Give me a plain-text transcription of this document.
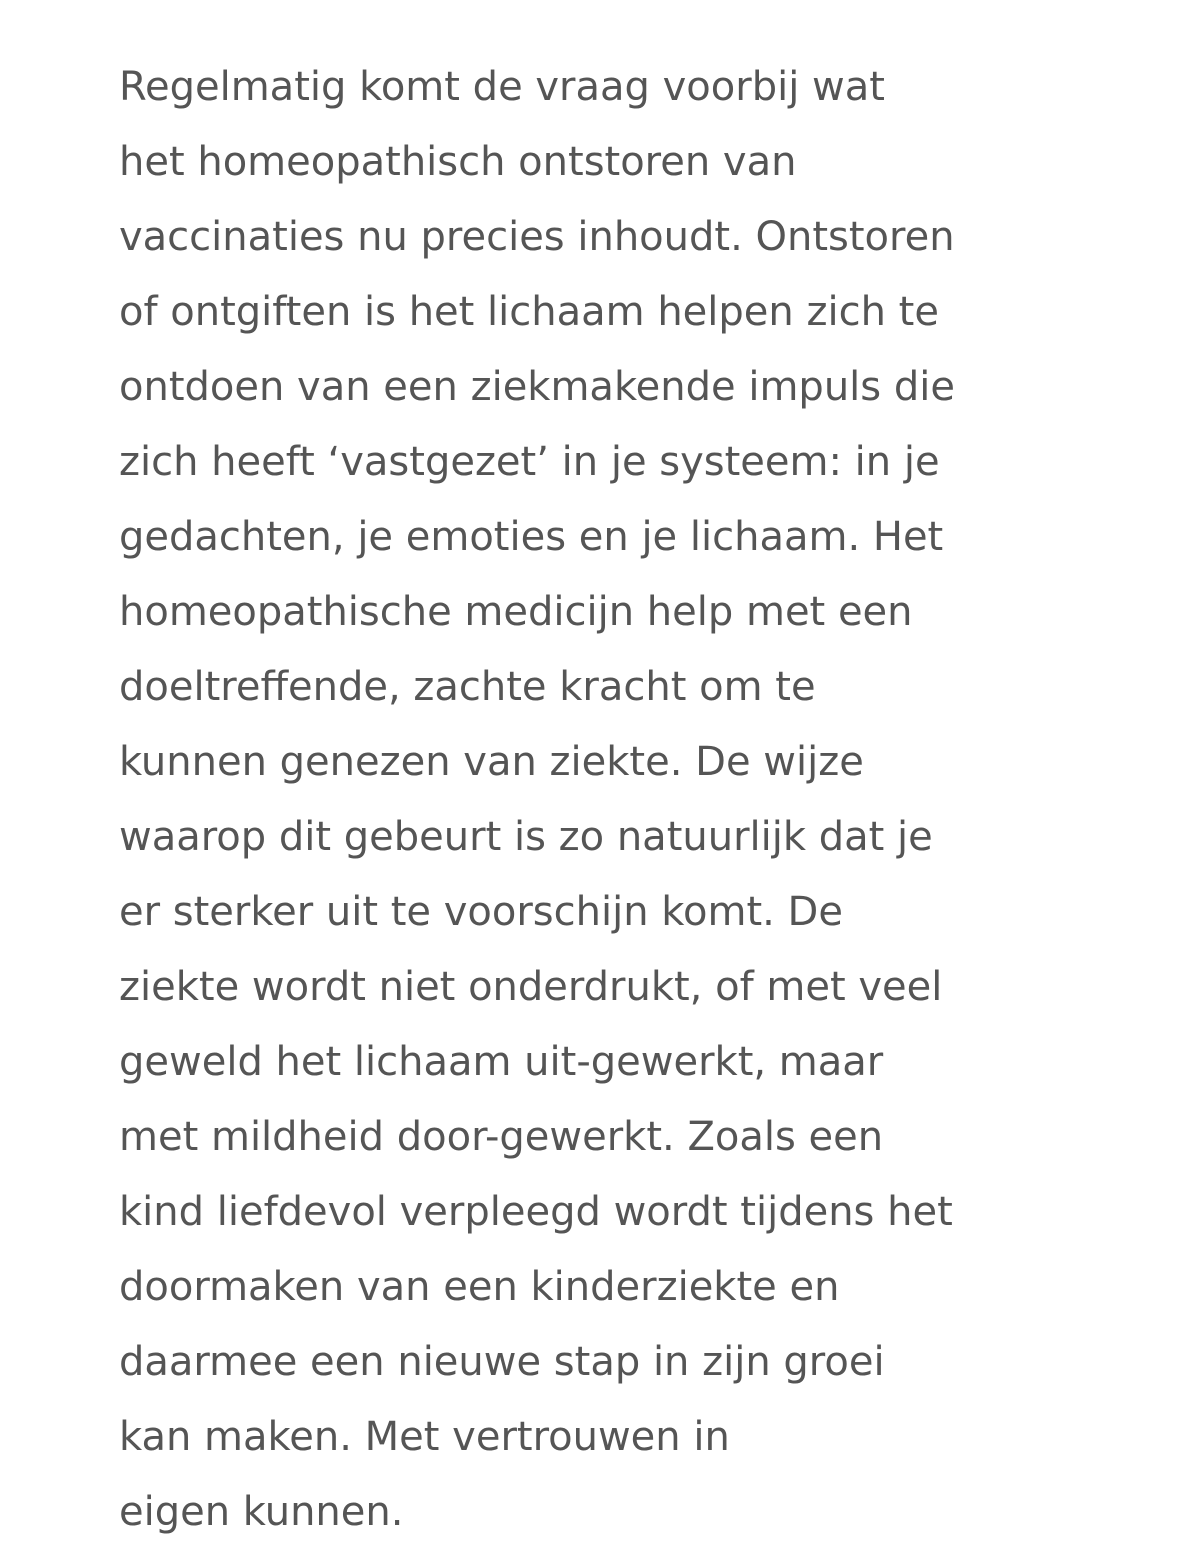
Regelmatig komt de vraag voorbij wat
het homeopathisch ontstoren van
vaccinaties nu precies inhoudt. Ontstoren
of ontgiften is het lichaam helpen zich te
ontdoen van een ziekmakende impuls die
zich heeft ‘vastgezet’ in je systeem: in je
gedachten, je emoties en je lichaam. Het
homeopathische medicijn help met een
doeltreffende, zachte kracht om te
kunnen genezen van ziekte. De wijze
waarop dit gebeurt is zo natuurlijk dat je
er sterker uit te voorschijn komt. De
ziekte wordt niet onderdrukt, of met veel
geweld het lichaam uit-gewerkt, maar
met mildheid door-gewerkt. Zoals een
kind liefdevol verpleegd wordt tijdens het
doormaken van een kinderziekte en
daarmee een nieuwe stap in zijn groei
kan maken. Met vertrouwen in
eigen kunnen.
